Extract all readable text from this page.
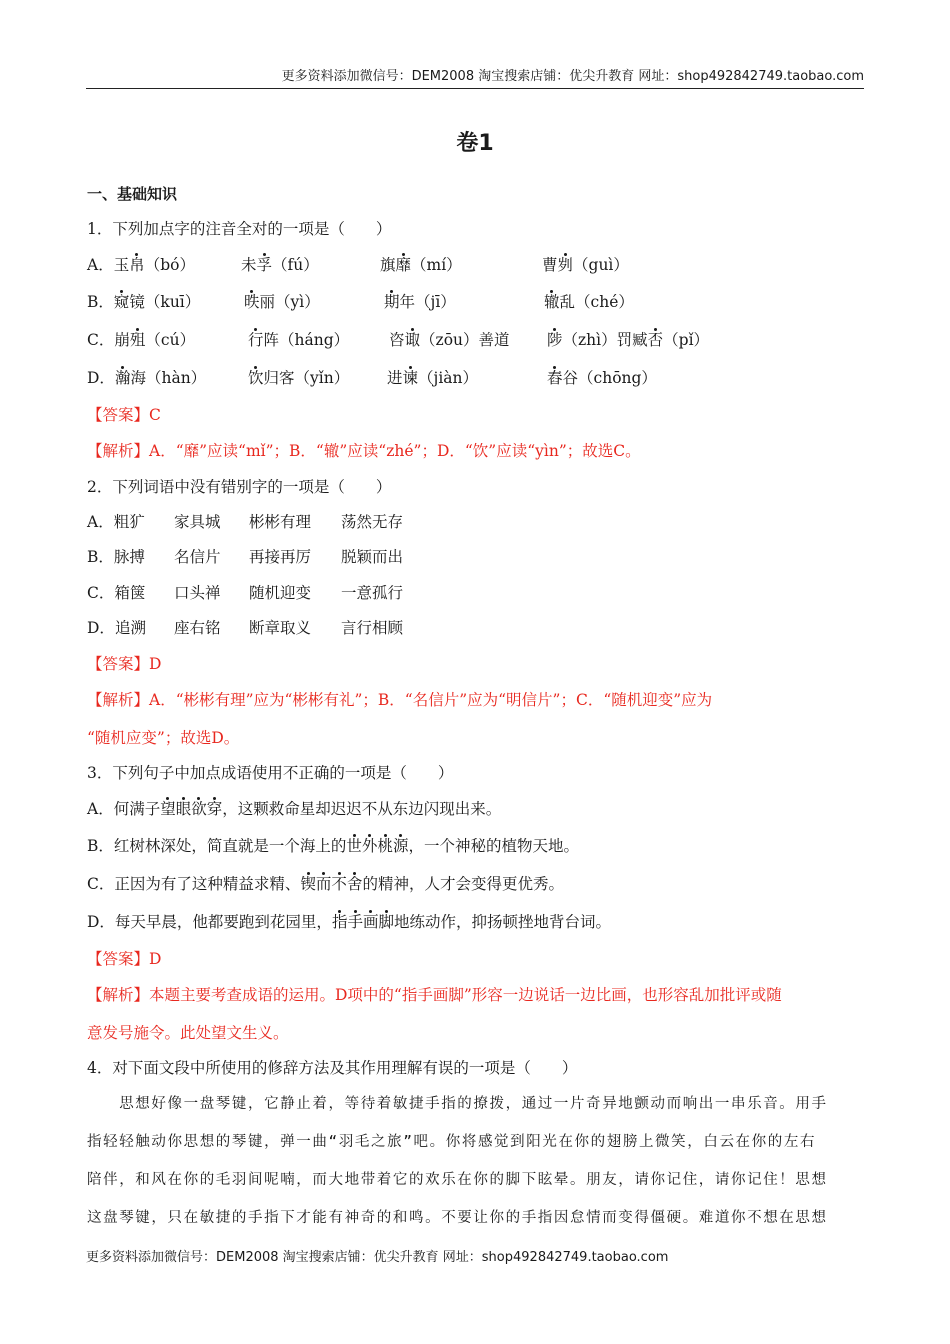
更多资料添加微信号：DEM2008 淘宝搜索店铺：优尖升教育 网址：shop492842749.taobao.com
卷1
一、基础知识
1．下列加点字的注音全对的一项是（　　）
A．玉帛（bó）	未孚（fú）	旗靡（mí）	曹刿（guì）
B．窥镜（kuī）	昳丽（yì）	期年（jī）	辙乱（ché）
C．崩殂（cú）	行阵（háng）	咨诹（zōu）善道 陟（zhì）罚臧否（pǐ）
D．瀚海（hàn）	饮归客（yǐn） 进谏（jiàn）	舂谷（chōng）
【答案】C
【解析】A．“靡”应读“mǐ”；B．“辙”应读“zhé”；D．“饮”应读“yìn”；故选C。
2．下列词语中没有错别字的一项是（　　）
A．粗犷 家具城 彬彬有理 荡然无存
B．脉搏 名信片 再接再厉 脱颖而出
C．箱箧 口头禅 随机迎变 一意孤行
D．追溯 座右铭 断章取义 言行相顾
【答案】D
【解析】A．“彬彬有理”应为“彬彬有礼”；B．“名信片”应为“明信片”；C．“随机迎变”应为
“随机应变”；故选D。
3．下列句子中加点成语使用不正确的一项是（　　）
A．何满子望眼欲穿，这颗救命星却迟迟不从东边闪现出来。
B．红树林深处，简直就是一个海上的世外桃源，一个神秘的植物天地。
C．正因为有了这种精益求精、锲而不舍的精神，人才会变得更优秀。
D．每天早晨，他都要跑到花园里，指手画脚地练动作，抑扬顿挫地背台词。
【答案】D
【解析】本题主要考查成语的运用。D项中的“指手画脚”形容一边说话一边比画，也形容乱加批评或随
意发号施令。此处望文生义。
4．对下面文段中所使用的修辞方法及其作用理解有误的一项是（　　）
　　思想好像一盘琴键，它静止着，等待着敏捷手指的撩拨，通过一片奇异地颤动而响出一串乐音。用手
指轻轻触动你思想的琴键，弹一曲“羽毛之旅”吧。你将感觉到阳光在你的翅膀上微笑，白云在你的左右
陪伴，和风在你的毛羽间呢喃，而大地带着它的欢乐在你的脚下眩晕。朋友，请你记住，请你记住！思想
这盘琴键，只在敏捷的手指下才能有神奇的和鸣。不要让你的手指因怠情而变得僵硬。难道你不想在思想
更多资料添加微信号：DEM2008 淘宝搜索店铺：优尖升教育 网址：shop492842749.taobao.com
